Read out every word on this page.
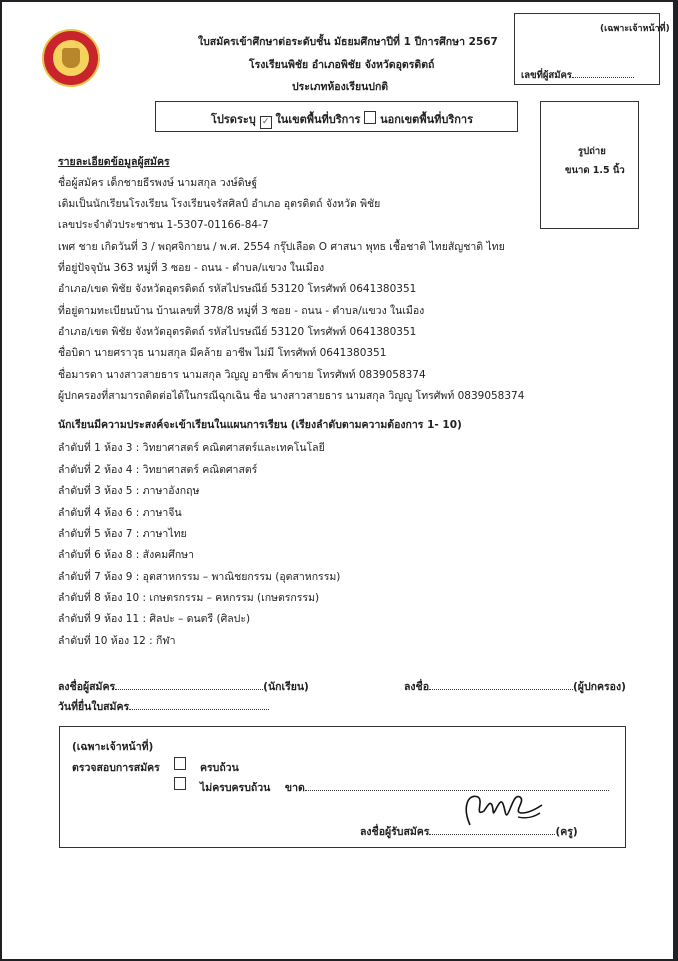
ใบสมัครเข้าศึกษาต่อระดับชั้น มัธยมศึกษาปีที่ 1 ปีการศึกษา 2567
โรงเรียนพิชัย อำเภอพิชัย จังหวัดอุตรดิตถ์
ประเภทห้องเรียนปกติ
(เฉพาะเจ้าหน้าที่)
เลขที่ผู้สมัคร
โปรดระบุ ✓ ในเขตพื้นที่บริการ นอกเขตพื้นที่บริการ
รูปถ่าย
ขนาด 1.5 นิ้ว
รายละเอียดข้อมูลผู้สมัคร
ชื่อผู้สมัคร เด็กชายธีรพงษ์ นามสกุล วงษ์ดิษฐ์
เดิมเป็นนักเรียนโรงเรียน โรงเรียนจรัสศิลป์ อำเภอ อุตรดิตถ์ จังหวัด พิชัย
เลขประจำตัวประชาชน 1-5307-01166-84-7
เพศ ชาย เกิดวันที่ 3 / พฤศจิกายน / พ.ศ. 2554 กรุ๊ปเลือด O ศาสนา พุทธ เชื้อชาติ ไทยสัญชาติ ไทย
ที่อยู่ปัจจุบัน 363 หมู่ที่ 3 ซอย - ถนน - ตำบล/แขวง ในเมือง
อำเภอ/เขต พิชัย จังหวัดอุตรดิตถ์ รหัสไปรษณีย์ 53120 โทรศัพท์ 0641380351
ที่อยู่ตามทะเบียนบ้าน บ้านเลขที่ 378/8 หมู่ที่ 3 ซอย - ถนน - ตำบล/แขวง ในเมือง
อำเภอ/เขต พิชัย จังหวัดอุตรดิตถ์ รหัสไปรษณีย์ 53120 โทรศัพท์ 0641380351
ชื่อบิดา นายศราวุธ นามสกุล มีคล้าย อาชีพ ไม่มี โทรศัพท์ 0641380351
ชื่อมารดา นางสาวสายธาร นามสกุล วิญญู อาชีพ ค้าขาย โทรศัพท์ 0839058374
ผู้ปกครองที่สามารถติดต่อได้ในกรณีฉุกเฉิน ชื่อ นางสาวสายธาร นามสกุล วิญญู โทรศัพท์ 0839058374
นักเรียนมีความประสงค์จะเข้าเรียนในแผนการเรียน (เรียงลำดับตามความต้องการ 1- 10)
ลำดับที่ 1 ห้อง 3 : วิทยาศาสตร์ คณิตศาสตร์และเทคโนโลยี
ลำดับที่ 2 ห้อง 4 : วิทยาศาสตร์ คณิตศาสตร์
ลำดับที่ 3 ห้อง 5 : ภาษาอังกฤษ
ลำดับที่ 4 ห้อง 6 : ภาษาจีน
ลำดับที่ 5 ห้อง 7 : ภาษาไทย
ลำดับที่ 6 ห้อง 8 : สังคมศึกษา
ลำดับที่ 7 ห้อง 9 : อุตสาหกรรม – พาณิชยกรรม (อุตสาหกรรม)
ลำดับที่ 8 ห้อง 10 : เกษตรกรรม – คหกรรม (เกษตรกรรม)
ลำดับที่ 9 ห้อง 11 : ศิลปะ – ดนตรี (ศิลปะ)
ลำดับที่ 10 ห้อง 12 : กีฬา
ลงชื่อผู้สมัคร	(นักเรียน)	ลงชื่อ	(ผู้ปกครอง)
วันที่ยื่นใบสมัคร
(เฉพาะเจ้าหน้าที่)
ตรวจสอบการสมัคร	ครบถ้วน
ไม่ครบครบถ้วน ขาด
ลงชื่อผู้รับสมัคร	(ครู)
